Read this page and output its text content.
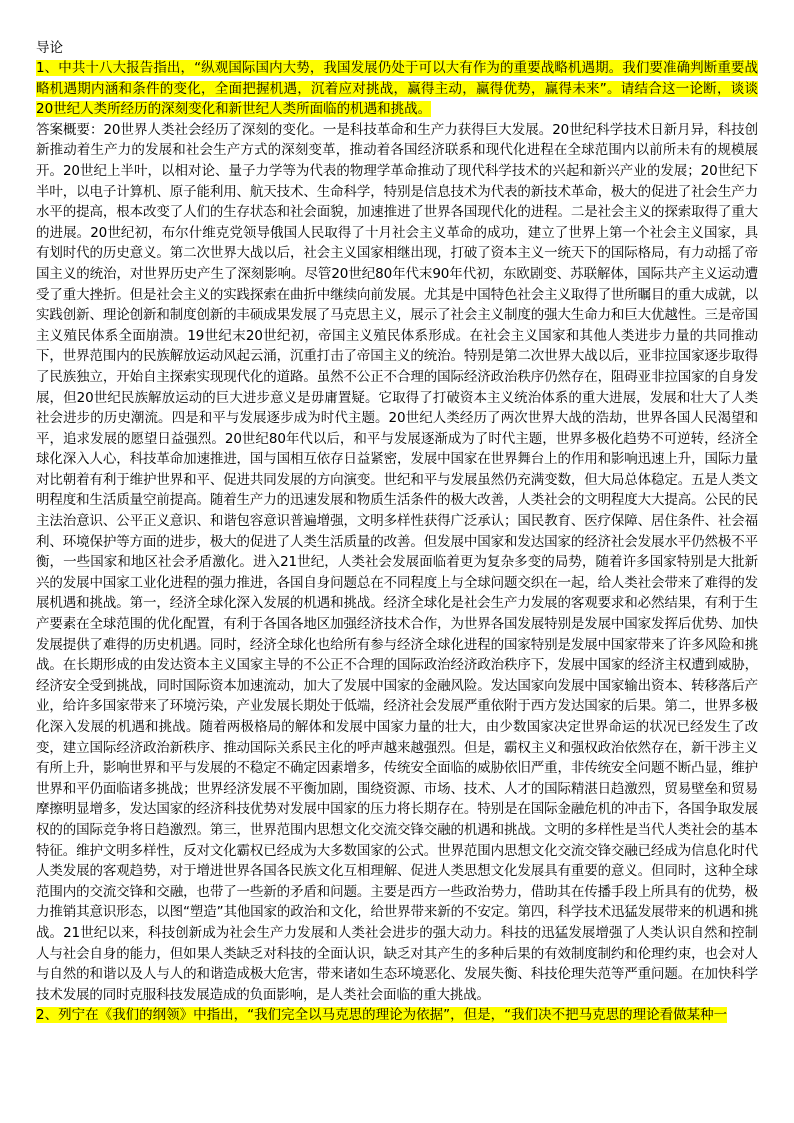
导论

1、中共十八大报告指出，“纵观国际国内大势，我国发展仍处于可以大有作为的重要战略机遇期。我们要准确判断重要战略机遇期内涵和条件的变化，全面把握机遇，沉着应对挑战，赢得主动，赢得优势，赢得未来”。请结合这一论断，谈谈20世纪人类所经历的深刻变化和新世纪人类所面临的机遇和挑战。

答案概要：20世界人类社会经历了深刻的变化。一是科技革命和生产力获得巨大发展。20世纪科学技术日新月异，科技创新推动着生产力的发展和社会生产方式的深刻变革，推动着各国经济联系和现代化进程在全球范围内以前所未有的规模展开。20世纪上半叶，以相对论、量子力学等为代表的物理学革命推动了现代科学技术的兴起和新兴产业的发展；20世纪下半叶，以电子计算机、原子能利用、航天技术、生命科学，特别是信息技术为代表的新技术革命，极大的促进了社会生产力水平的提高，根本改变了人们的生存状态和社会面貌，加速推进了世界各国现代化的进程。二是社会主义的探索取得了重大的进展。20世纪初，布尔什维克党领导俄国人民取得了十月社会主义革命的成功，建立了世界上第一个社会主义国家，具有划时代的历史意义。第二次世界大战以后，社会主义国家相继出现，打破了资本主义一统天下的国际格局，有力动摇了帝国主义的统治，对世界历史产生了深刻影响。尽管20世纪80年代末90年代初，东欧剧变、苏联解体，国际共产主义运动遭受了重大挫折。但是社会主义的实践探索在曲折中继续向前发展。尤其是中国特色社会主义取得了世所瞩目的重大成就，以实践创新、理论创新和制度创新的丰硕成果发展了马克思主义，展示了社会主义制度的强大生命力和巨大优越性。三是帝国主义殖民体系全面崩溃。19世纪末20世纪初，帝国主义殖民体系形成。在社会主义国家和其他人类进步力量的共同推动下，世界范围内的民族解放运动风起云涌，沉重打击了帝国主义的统治。特别是第二次世界大战以后，亚非拉国家逐步取得了民族独立，开始自主探索实现现代化的道路。虽然不公正不合理的国际经济政治秩序仍然存在，阻碍亚非拉国家的自身发展，但20世纪民族解放运动的巨大进步意义是毋庸置疑。它取得了打破资本主义统治体系的重大进展，发展和壮大了人类社会进步的历史潮流。四是和平与发展逐步成为时代主题。20世纪人类经历了两次世界大战的浩劫，世界各国人民渴望和平，追求发展的愿望日益强烈。20世纪80年代以后，和平与发展逐渐成为了时代主题，世界多极化趋势不可逆转，经济全球化深入人心，科技革命加速推进，国与国相互依存日益紧密，发展中国家在世界舞台上的作用和影响迅速上升，国际力量对比朝着有利于维护世界和平、促进共同发展的方向演变。世纪和平与发展虽然仍充满变数，但大局总体稳定。五是人类文明程度和生活质量空前提高。随着生产力的迅速发展和物质生活条件的极大改善，人类社会的文明程度大大提高。公民的民主法治意识、公平正义意识、和谐包容意识普遍增强，文明多样性获得广泛承认；国民教育、医疗保障、居住条件、社会福利、环境保护等方面的进步，极大的促进了人类生活质量的改善。但发展中国家和发达国家的经济社会发展水平仍然极不平衡，一些国家和地区社会矛盾激化。进入21世纪，人类社会发展面临着更为复杂多变的局势，随着许多国家特别是大批新兴的发展中国家工业化进程的强力推进，各国自身问题总在不同程度上与全球问题交织在一起，给人类社会带来了难得的发展机遇和挑战。第一，经济全球化深入发展的机遇和挑战。经济全球化是社会生产力发展的客观要求和必然结果，有利于生产要素在全球范围的优化配置，有利于各国各地区加强经济技术合作，为世界各国发展特别是发展中国家发挥后优势、加快发展提供了难得的历史机遇。同时，经济全球化也给所有参与经济全球化进程的国家特别是发展中国家带来了许多风险和挑战。在长期形成的由发达资本主义国家主导的不公正不合理的国际政治经济政治秩序下，发展中国家的经济主权遭到威胁，经济安全受到挑战，同时国际资本加速流动，加大了发展中国家的金融风险。发达国家向发展中国家输出资本、转移落后产业，给许多国家带来了环境污染，产业发展长期处于低端，经济社会发展严重依附于西方发达国家的后果。第二，世界多极化深入发展的机遇和挑战。随着两极格局的解体和发展中国家力量的壮大，由少数国家决定世界命运的状况已经发生了改变，建立国际经济政治新秩序、推动国际关系民主化的呼声越来越强烈。但是，霸权主义和强权政治依然存在，新干涉主义有所上升，影响世界和平与发展的不稳定不确定因素增多，传统安全面临的威胁依旧严重，非传统安全问题不断凸显，维护世界和平仍面临诸多挑战；世界经济发展不平衡加剧，围绕资源、市场、技术、人才的国际精湛日趋激烈，贸易壁垒和贸易摩擦明显增多，发达国家的经济科技优势对发展中国家的压力将长期存在。特别是在国际金融危机的冲击下，各国争取发展权的的国际竞争将日趋激烈。第三，世界范围内思想文化交流交锋交融的机遇和挑战。文明的多样性是当代人类社会的基本特征。维护文明多样性，反对文化霸权已经成为大多数国家的公式。世界范围内思想文化交流交锋交融已经成为信息化时代人类发展的客观趋势，对于增进世界各国各民族文化互相理解、促进人类思想文化发展具有重要的意义。但同时，这种全球范围内的交流交锋和交融，也带了一些新的矛盾和问题。主要是西方一些政治势力，借助其在传播手段上所具有的优势，极力推销其意识形态，以图“塑造”其他国家的政治和文化，给世界带来新的不安定。第四，科学技术迅猛发展带来的机遇和挑战。21世纪以来，科技创新成为社会生产力发展和人类社会进步的强大动力。科技的迅猛发展增强了人类认识自然和控制人与社会自身的能力，但如果人类缺乏对科技的全面认识，缺乏对其产生的多种后果的有效制度制约和伦理约束，也会对人与自然的和谐以及人与人的和谐造成极大危害，带来诸如生态环境恶化、发展失衡、科技伦理失范等严重问题。在加快科学技术发展的同时克服科技发展造成的负面影响，是人类社会面临的重大挑战。

2、列宁在《我们的纲领》中指出，“我们完全以马克思的理论为依据”，但是，“我们决不把马克思的理论看做某种一
